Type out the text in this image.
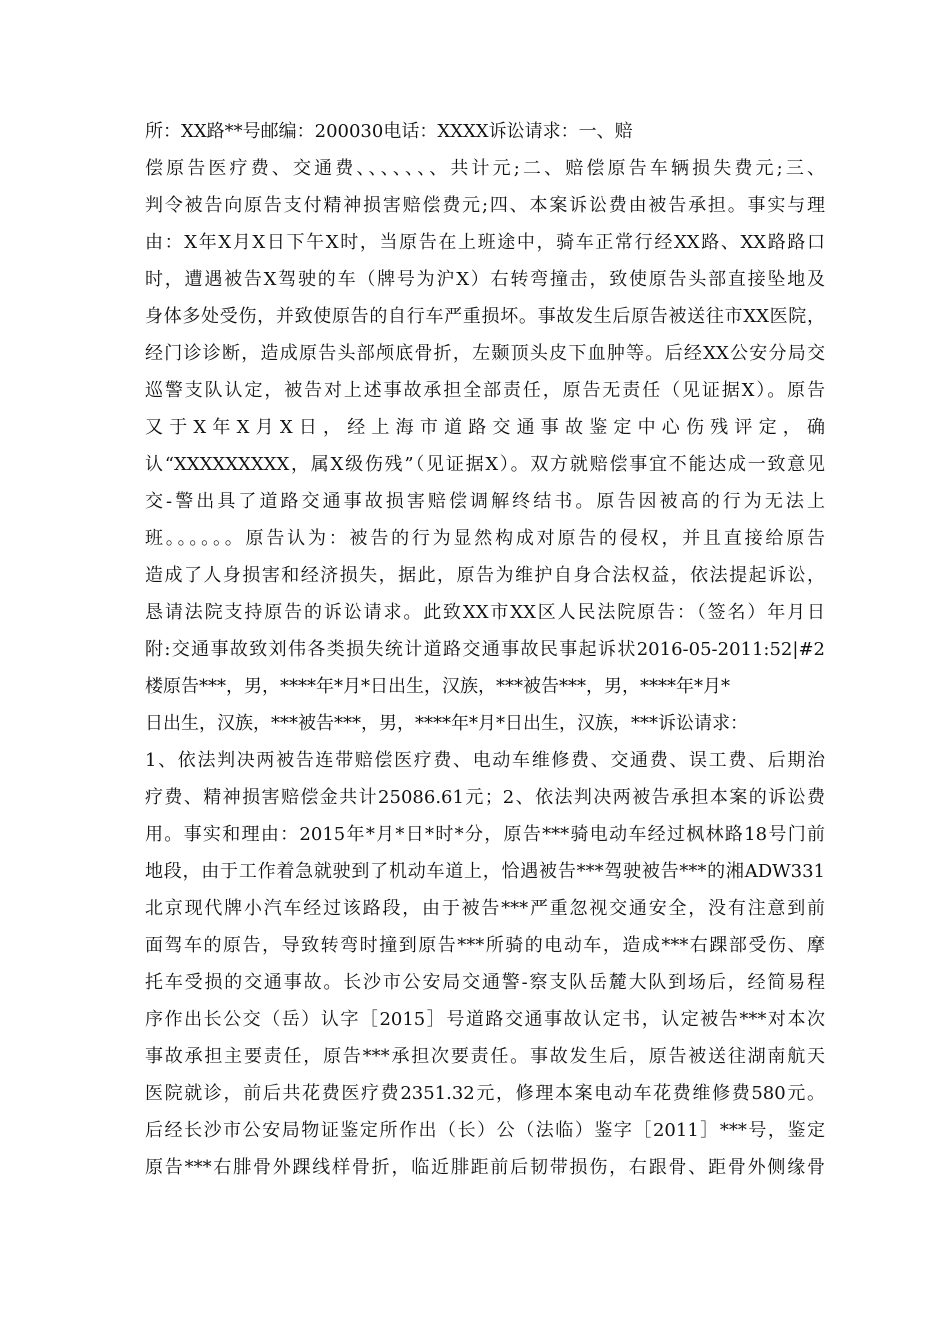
所：XX路**号邮编：200030电话：XXXX诉讼请求：一、赔
偿原告医疗费、交通费、、、、、、、共计元;二、赔偿原告车辆损失费元;三、
判令被告向原告支付精神损害赔偿费元;四、本案诉讼费由被告承担。事实与理
由：X年X月X日下午X时，当原告在上班途中，骑车正常行经XX路、XX路路口
时，遭遇被告X驾驶的车（牌号为沪X）右转弯撞击，致使原告头部直接坠地及
身体多处受伤，并致使原告的自行车严重损坏。事故发生后原告被送往市XX医院，
经门诊诊断，造成原告头部颅底骨折，左颞顶头皮下血肿等。后经XX公安分局交
巡警支队认定，被告对上述事故承担全部责任，原告无责任（见证据X）。原告
又于X年X月X日，经上海市道路交通事故鉴定中心伤残评定，确
认“XXXXXXXXX，属X级伤残”（见证据X）。双方就赔偿事宜不能达成一致意见
交-警出具了道路交通事故损害赔偿调解终结书。原告因被高的行为无法上
班。。。。。。原告认为：被告的行为显然构成对原告的侵权，并且直接给原告
造成了人身损害和经济损失，据此，原告为维护自身合法权益，依法提起诉讼，
恳请法院支持原告的诉讼请求。此致XX市XX区人民法院原告：（签名）年月日
附:交通事故致刘伟各类损失统计道路交通事故民事起诉状2016-05-2011:52|#2
楼原告***，男，****年*月*日出生，汉族，***被告***，男，****年*月*
日出生，汉族，***被告***，男，****年*月*日出生，汉族，***诉讼请求：
1、依法判决两被告连带赔偿医疗费、电动车维修费、交通费、误工费、后期治
疗费、精神损害赔偿金共计25086.61元；2、依法判决两被告承担本案的诉讼费
用。事实和理由：2015年*月*日*时*分，原告***骑电动车经过枫林路18号门前
地段，由于工作着急就驶到了机动车道上，恰遇被告***驾驶被告***的湘ADW331
北京现代牌小汽车经过该路段，由于被告***严重忽视交通安全，没有注意到前
面驾车的原告，导致转弯时撞到原告***所骑的电动车，造成***右踝部受伤、摩
托车受损的交通事故。长沙市公安局交通警-察支队岳麓大队到场后，经简易程
序作出长公交（岳）认字［2015］号道路交通事故认定书，认定被告***对本次
事故承担主要责任，原告***承担次要责任。事故发生后，原告被送往湖南航天
医院就诊，前后共花费医疗费2351.32元，修理本案电动车花费维修费580元。
后经长沙市公安局物证鉴定所作出（长）公（法临）鉴字［2011］***号，鉴定
原告***右腓骨外踝线样骨折，临近腓距前后韧带损伤，右跟骨、距骨外侧缘骨
